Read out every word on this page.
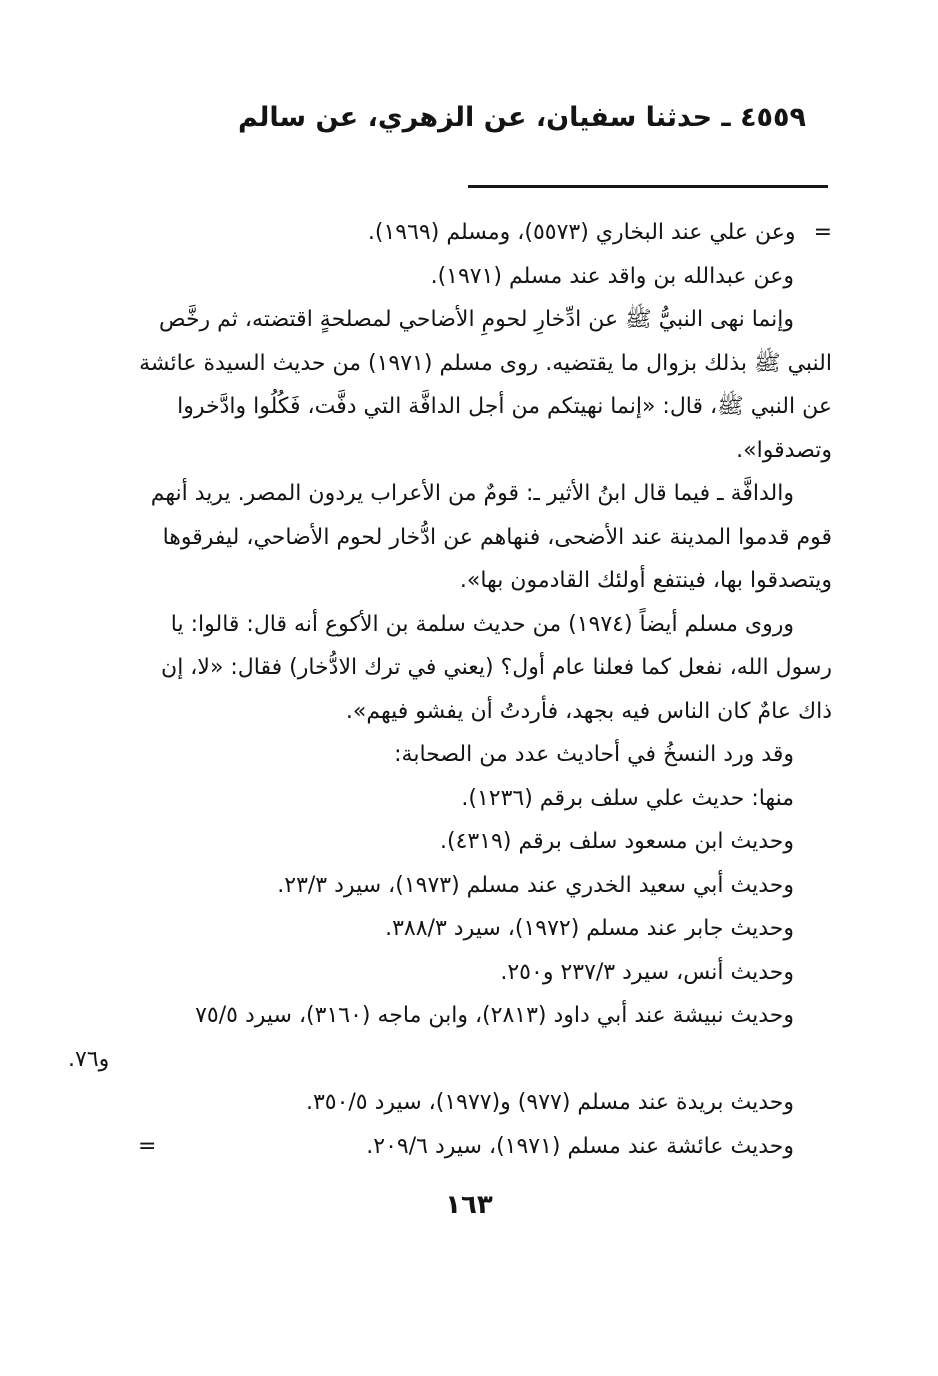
٤٥٥٩ ـ حدثنا سفيان، عن الزهري، عن سالم
=وعن علي عند البخاري (٥٥٧٣)، ومسلم (١٩٦٩).
وعن عبدالله بن واقد عند مسلم (١٩٧١).
وإنما نهى النبيُّ ﷺ عن ادِّخارِ لحومِ الأضاحي لمصلحةٍ اقتضته، ثم رخَّص
النبي ﷺ بذلك بزوال ما يقتضيه. روى مسلم (١٩٧١) من حديث السيدة عائشة
عن النبي ﷺ، قال: «إنما نهيتكم من أجل الدافَّة التي دفَّت، فَكُلُوا وادَّخروا
وتصدقوا».
والدافَّة ـ فيما قال ابنُ الأثير ـ: قومٌ من الأعراب يردون المصر. يريد أنهم
قوم قدموا المدينة عند الأضحى، فنهاهم عن ادُّخار لحوم الأضاحي، ليفرقوها
ويتصدقوا بها، فينتفع أولئك القادمون بها».
وروى مسلم أيضاً (١٩٧٤) من حديث سلمة بن الأكوع أنه قال: قالوا: يا
رسول الله، نفعل كما فعلنا عام أول؟ (يعني في ترك الادُّخار) فقال: «لا، إن
ذاك عامٌ كان الناس فيه بجهد، فأردتُ أن يفشو فيهم».
وقد ورد النسخُ في أحاديث عدد من الصحابة:
منها: حديث علي سلف برقم (١٢٣٦).
وحديث ابن مسعود سلف برقم (٤٣١٩).
وحديث أبي سعيد الخدري عند مسلم (١٩٧٣)، سيرد ٢٣/٣.
وحديث جابر عند مسلم (١٩٧٢)، سيرد ٣٨٨/٣.
وحديث أنس، سيرد ٢٣٧/٣ و٢٥٠.
وحديث نبيشة عند أبي داود (٢٨١٣)، وابن ماجه (٣١٦٠)، سيرد ٧٥/٥
و٧٦.
وحديث بريدة عند مسلم (٩٧٧) و(١٩٧٧)، سيرد ٣٥٠/٥.
وحديث عائشة عند مسلم (١٩٧١)، سيرد ٢٠٩/٦.
=
١٦٣
